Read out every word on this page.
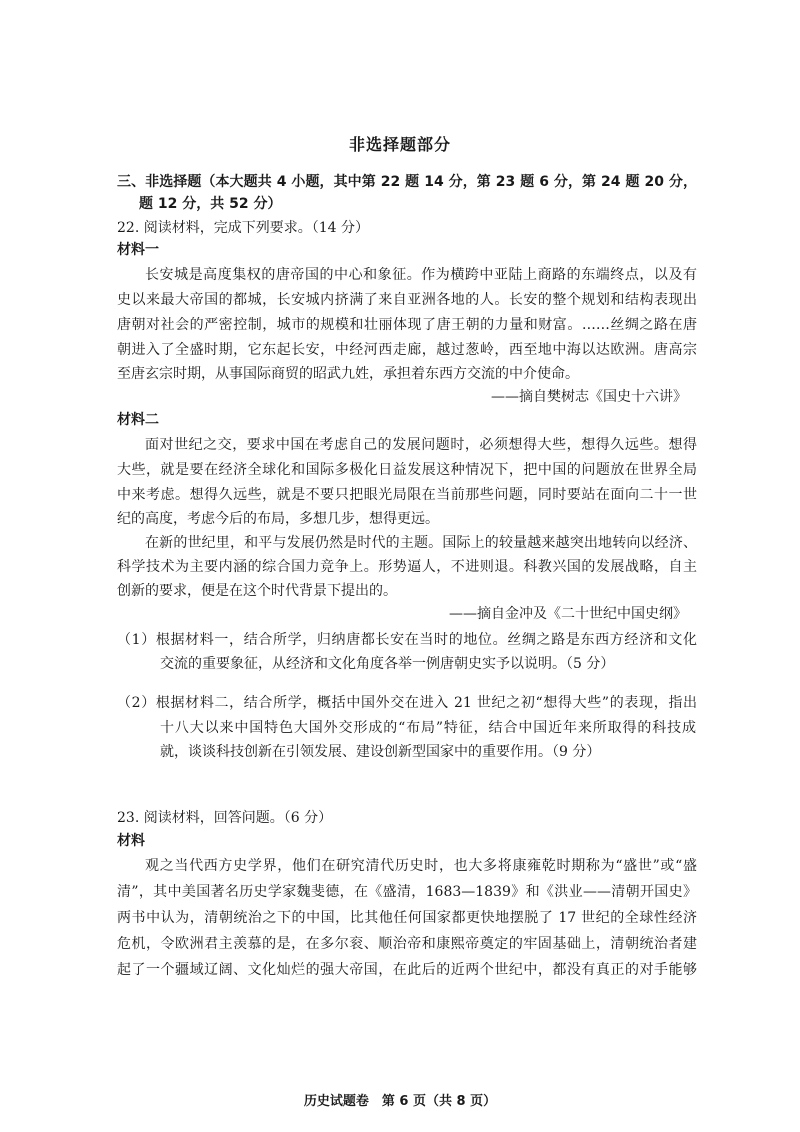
非选择题部分
三、非选择题（本大题共 4 小题，其中第 22 题 14 分，第 23 题 6 分，第 24 题 20 分，
题 12 分，共 52 分）
22. 阅读材料，完成下列要求。（14 分）
材料一
长安城是高度集权的唐帝国的中心和象征。作为横跨中亚陆上商路的东端终点，以及有
史以来最大帝国的都城，长安城内挤满了来自亚洲各地的人。长安的整个规划和结构表现出
唐朝对社会的严密控制，城市的规模和壮丽体现了唐王朝的力量和财富。……丝绸之路在唐
朝进入了全盛时期，它东起长安，中经河西走廊，越过葱岭，西至地中海以达欧洲。唐高宗
至唐玄宗时期，从事国际商贸的昭武九姓，承担着东西方交流的中介使命。
——摘自樊树志《国史十六讲》
材料二
面对世纪之交，要求中国在考虑自己的发展问题时，必须想得大些，想得久远些。想得
大些，就是要在经济全球化和国际多极化日益发展这种情况下，把中国的问题放在世界全局
中来考虑。想得久远些，就是不要只把眼光局限在当前那些问题，同时要站在面向二十一世
纪的高度，考虑今后的布局，多想几步，想得更远。
在新的世纪里，和平与发展仍然是时代的主题。国际上的较量越来越突出地转向以经济、
科学技术为主要内涵的综合国力竞争上。形势逼人，不进则退。科教兴国的发展战略，自主
创新的要求，便是在这个时代背景下提出的。
——摘自金冲及《二十世纪中国史纲》
（1）根据材料一，结合所学，归纳唐都长安在当时的地位。丝绸之路是东西方经济和文化
交流的重要象征，从经济和文化角度各举一例唐朝史实予以说明。（5 分）
（2）根据材料二，结合所学，概括中国外交在进入 21 世纪之初“想得大些”的表现，指出
十八大以来中国特色大国外交形成的“布局”特征，结合中国近年来所取得的科技成
就，谈谈科技创新在引领发展、建设创新型国家中的重要作用。（9 分）
23. 阅读材料，回答问题。（6 分）
材料
观之当代西方史学界，他们在研究清代历史时，也大多将康雍乾时期称为“盛世”或“盛
清”，其中美国著名历史学家魏斐德，在《盛清，1683—1839》和《洪业——清朝开国史》
两书中认为，清朝统治之下的中国，比其他任何国家都更快地摆脱了 17 世纪的全球性经济
危机，令欧洲君主羡慕的是，在多尔衮、顺治帝和康熙帝奠定的牢固基础上，清朝统治者建
起了一个疆域辽阔、文化灿烂的强大帝国，在此后的近两个世纪中，都没有真正的对手能够
历史试题卷　第 6 页（共 8 页）
